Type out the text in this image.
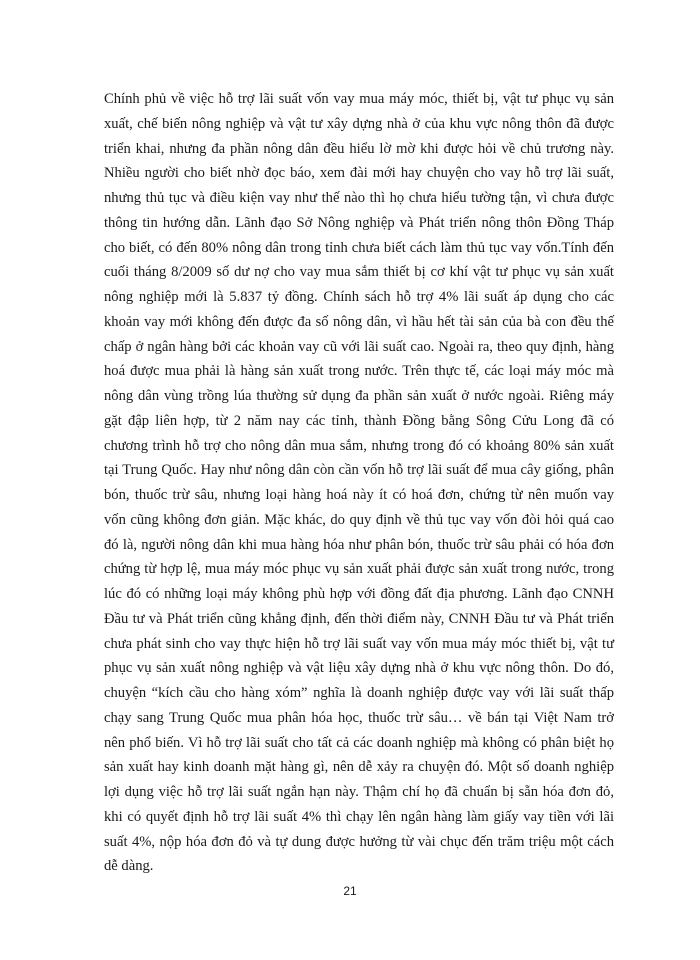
Chính phủ về việc hỗ trợ lãi suất vốn vay mua máy móc, thiết bị, vật tư phục vụ sản
xuất, chế biến nông nghiệp và vật tư xây dựng nhà ở của khu vực nông thôn đã được
triển khai, nhưng đa phần nông dân đều hiểu lờ mờ khi được hỏi về chủ trương này.
Nhiều người cho biết nhờ đọc báo, xem đài mới hay chuyện cho vay hỗ trợ lãi suất,
nhưng thủ tục và điều kiện vay như thế nào thì họ chưa hiểu tường tận, vì chưa được
thông tin hướng dẫn. Lãnh đạo Sở Nông nghiệp và Phát triển nông thôn Đồng Tháp
cho biết, có đến 80% nông dân trong tỉnh chưa biết cách làm thủ tục vay vốn.Tính đến
cuối tháng 8/2009 số dư nợ cho vay mua sắm thiết bị cơ khí vật tư phục vụ sản xuất
nông nghiệp mới là 5.837 tỷ đồng. Chính sách hỗ trợ 4% lãi suất áp dụng cho các
khoản vay mới không đến được đa số nông dân, vì hầu hết tài sản của bà con đều thế
chấp ở ngân hàng bởi các khoản vay cũ với lãi suất cao. Ngoài ra, theo quy định, hàng
hoá được mua phải là hàng sản xuất trong nước. Trên thực tế, các loại máy móc mà
nông dân vùng trồng lúa thường sử dụng đa phần sản xuất ở nước ngoài. Riêng máy
gặt đập liên hợp, từ 2 năm nay các tỉnh, thành Đồng bằng Sông Cửu Long đã có
chương trình hỗ trợ cho nông dân mua sắm, nhưng trong đó có khoảng 80% sản xuất
tại Trung Quốc. Hay như nông dân còn cần vốn hỗ trợ lãi suất để mua cây giống, phân
bón, thuốc trừ sâu, nhưng loại hàng hoá này ít có hoá đơn, chứng từ nên muốn vay
vốn cũng không đơn giản. Mặc khác, do quy định về thủ tục vay vốn đòi hỏi quá cao
đó là, người nông dân khi mua hàng hóa như phân bón, thuốc trừ sâu phải có hóa đơn
chứng từ hợp lệ, mua máy móc phục vụ sản xuất phải được sản xuất trong nước, trong
lúc đó có những loại máy không phù hợp với đồng đất địa phương. Lãnh đạo CNNH
Đầu tư và Phát triển cũng khẳng định, đến thời điểm này, CNNH Đầu tư và Phát triển
chưa phát sinh cho vay thực hiện hỗ trợ lãi suất vay vốn mua máy móc thiết bị, vật tư
phục vụ sản xuất nông nghiệp và vật liệu xây dựng nhà ở khu vực nông thôn. Do đó,
chuyện “kích cầu cho hàng xóm” nghĩa là doanh nghiệp được vay với lãi suất thấp
chạy sang Trung Quốc mua phân hóa học, thuốc trừ sâu… về bán tại Việt Nam trở
nên phổ biến. Vì hỗ trợ lãi suất cho tất cả các doanh nghiệp mà không có phân biệt họ
sản xuất hay kinh doanh mặt hàng gì, nên dễ xảy ra chuyện đó. Một số doanh nghiệp
lợi dụng việc hỗ trợ lãi suất ngắn hạn này. Thậm chí họ đã chuẩn bị sẵn hóa đơn đỏ,
khi có quyết định hỗ trợ lãi suất 4% thì chạy lên ngân hàng làm giấy vay tiền với lãi
suất 4%, nộp hóa đơn đỏ và tự dung được hưởng từ vài chục đến trăm triệu một cách
dễ dàng.
21
